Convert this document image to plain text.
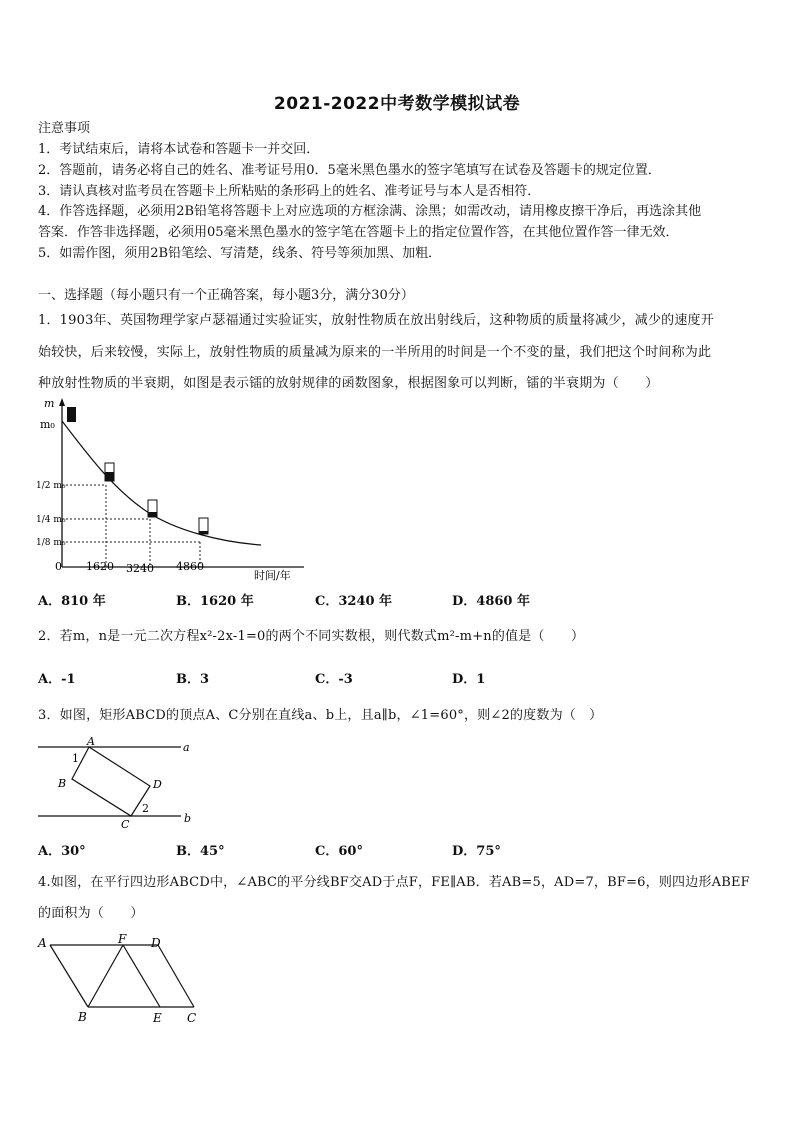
2021-2022中考数学模拟试卷
注意事项
1．考试结束后，请将本试卷和答题卡一并交回．
2．答题前，请务必将自己的姓名、准考证号用0．5毫米黑色墨水的签字笔填写在试卷及答题卡的规定位置．
3．请认真核对监考员在答题卡上所粘贴的条形码上的姓名、准考证号与本人是否相符．
4．作答选择题，必须用2B铅笔将答题卡上对应选项的方框涂满、涂黑；如需改动，请用橡皮擦干净后，再选涂其他
答案．作答非选择题，必须用05毫米黑色墨水的签字笔在答题卡上的指定位置作答，在其他位置作答一律无效．
5．如需作图，须用2B铅笔绘、写清楚，线条、符号等须加黑、加粗．
一、选择题（每小题只有一个正确答案，每小题3分，满分30分）
1．1903年、英国物理学家卢瑟福通过实验证实，放射性物质在放出射线后，这种物质的质量将减少，减少的速度开
始较快，后来较慢，实际上，放射性物质的质量减为原来的一半所用的时间是一个不变的量，我们把这个时间称为此
种放射性物质的半衰期，如图是表示镭的放射规律的函数图象，根据图象可以判断，镭的半衰期为（　　）
m
m₀
1/2 m₀
1/4 m₀
1/8 m₀
0 1620 3240 4860
时间/年
A．810 年	B．1620 年	C．3240 年	D．4860 年
2．若m，n是一元二次方程x²-2x-1=0的两个不同实数根，则代数式m²-m+n的值是（　　）
A．-1	B．3	C．-3	D．1
3．如图，矩形ABCD的顶点A、C分别在直线a、b上，且a∥b，∠1=60°，则∠2的度数为（　）
A	a
1
B	D
2
C	b
A．30°	B．45°	C．60°	D．75°
4.如图，在平行四边形ABCD中，∠ABC的平分线BF交AD于点F，FE∥AB．若AB=5，AD=7，BF=6，则四边形ABEF
的面积为（　　）
A	F D
B	E C
